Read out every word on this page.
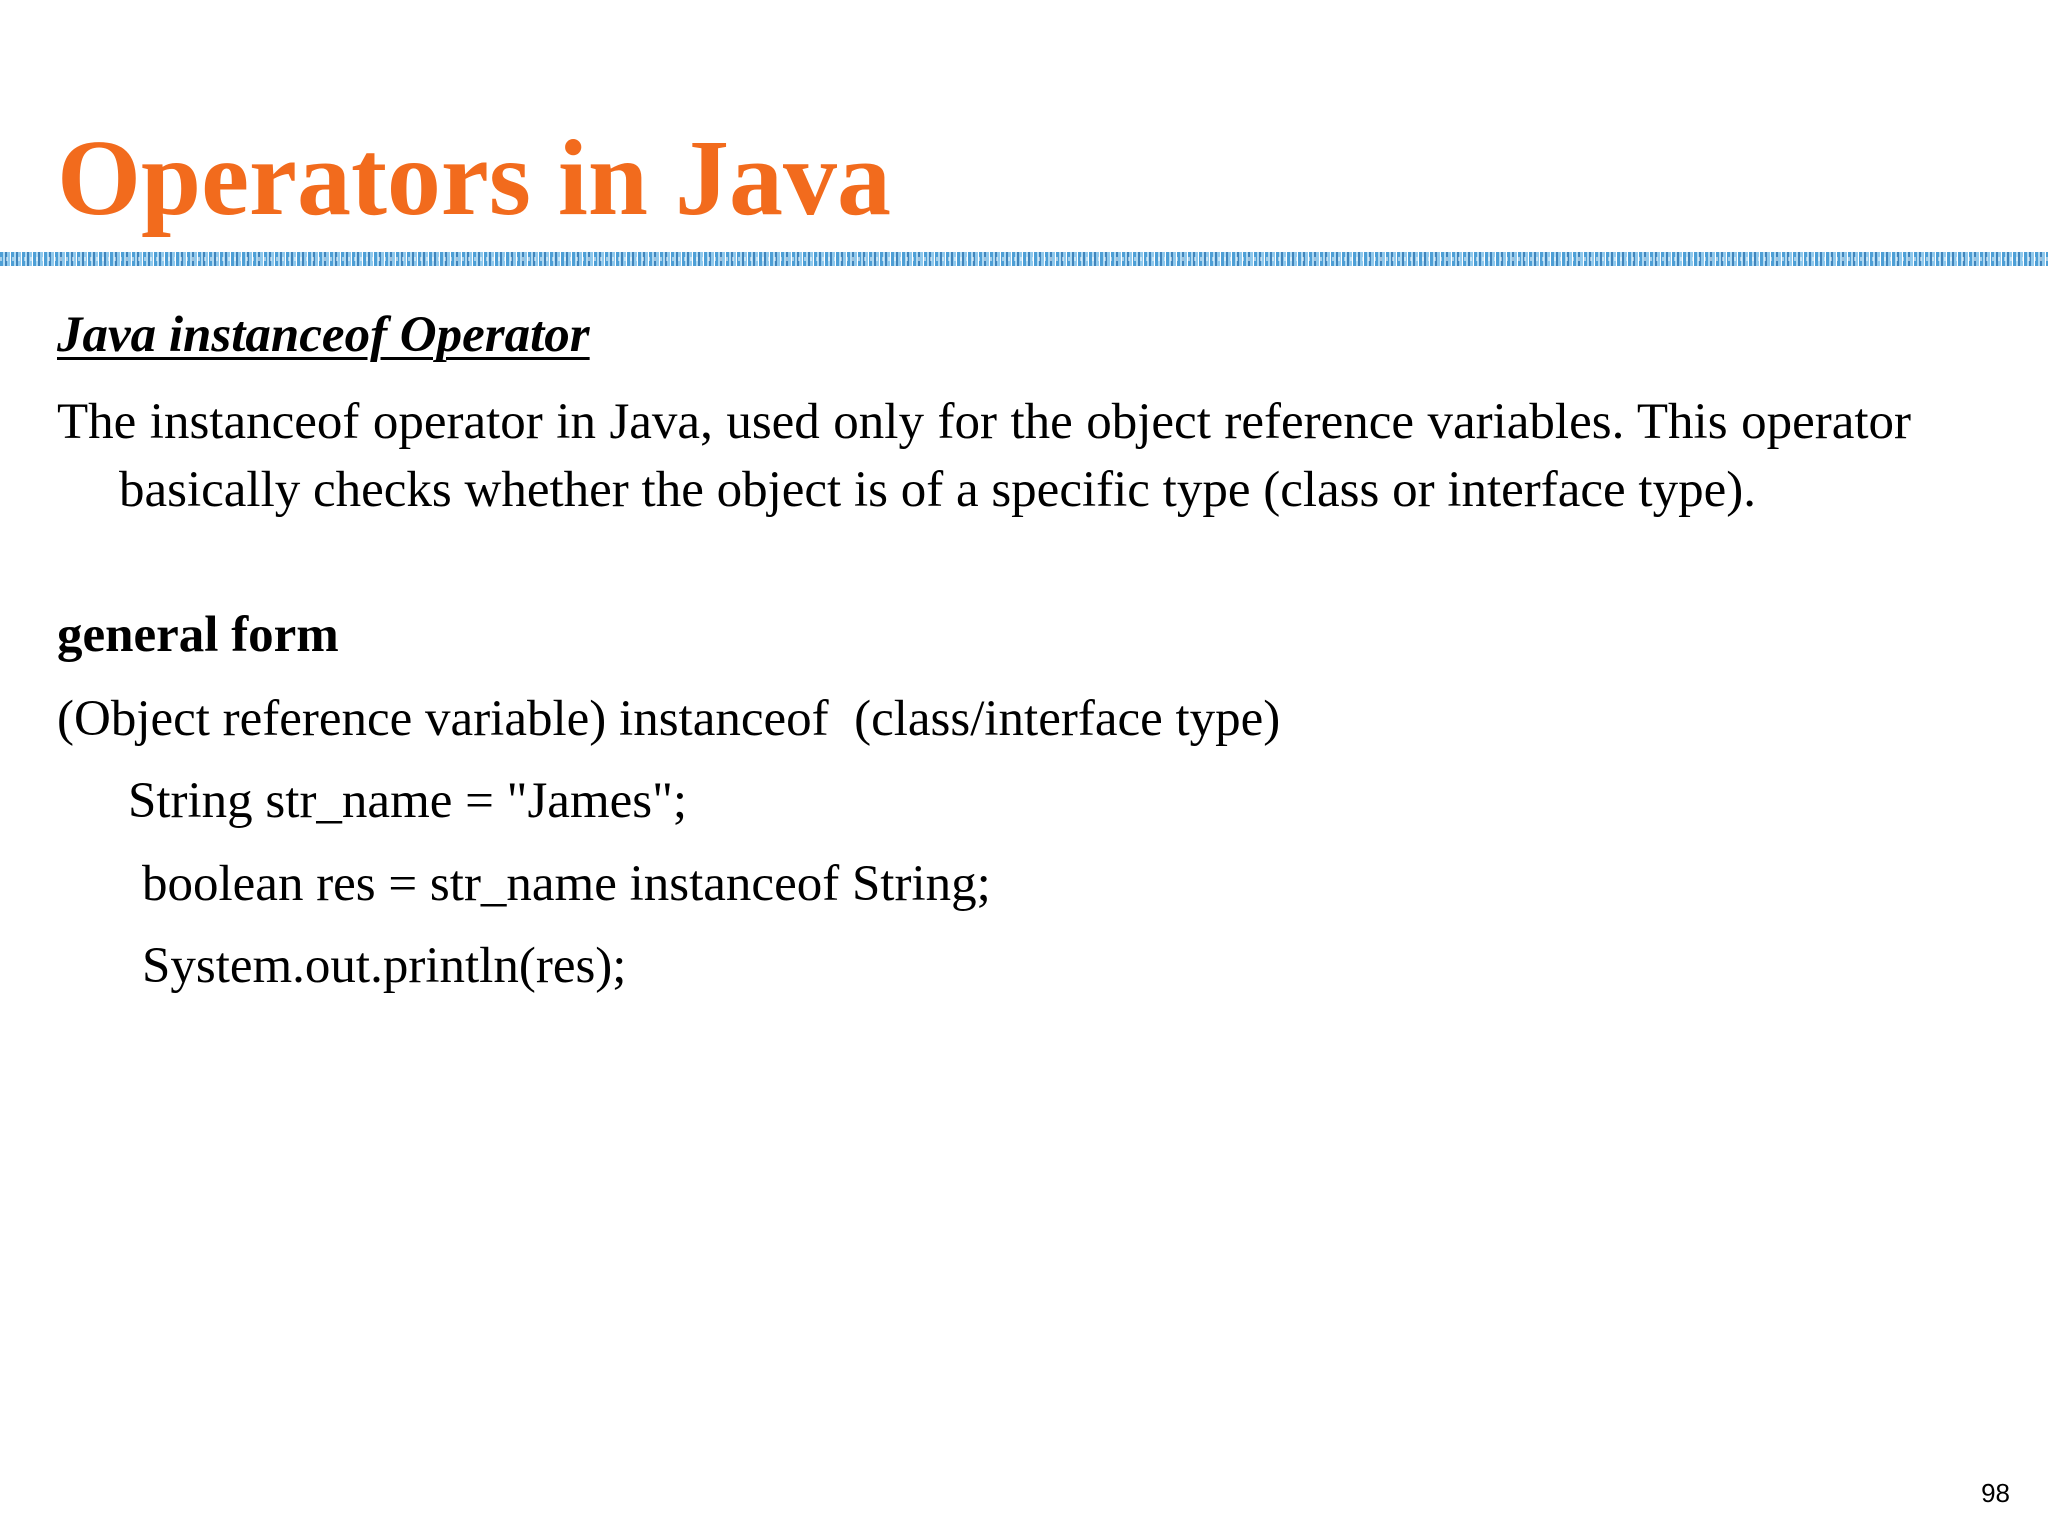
Operators in Java
Java instanceof Operator
The instanceof operator in Java, used only for the object reference variables. This operator basically checks whether the object is of a specific type (class or interface type).
general form
(Object reference variable) instanceof  (class/interface type)
String str_name = "James";
boolean res = str_name instanceof String;
System.out.println(res);
98
